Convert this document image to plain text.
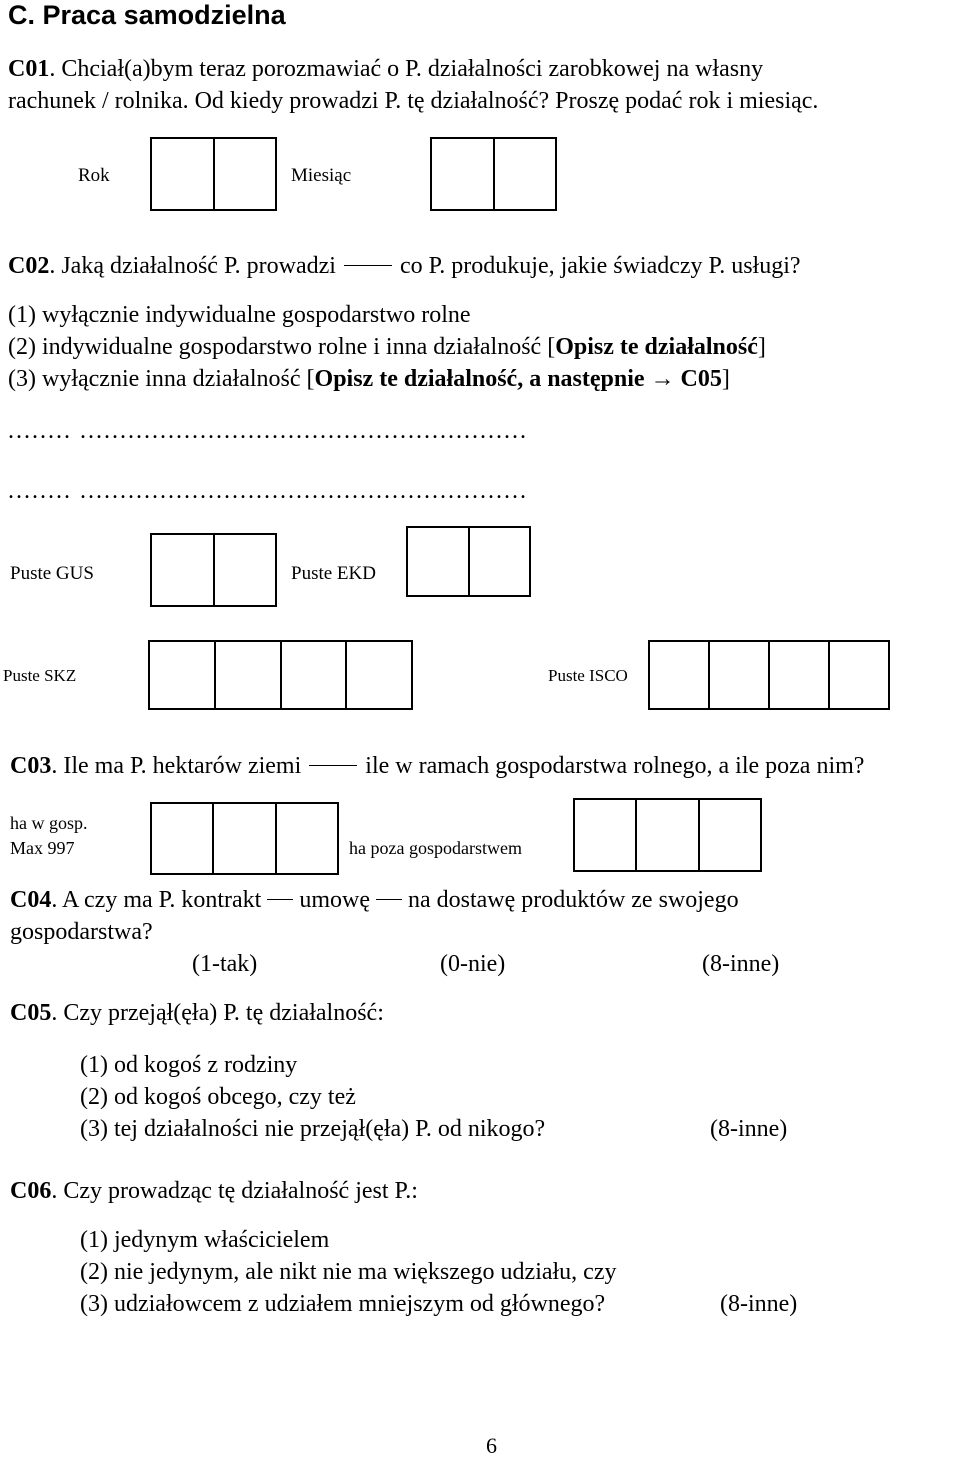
C. Praca samodzielna
C01. Chciał(a)bym teraz porozmawiać o P. działalności zarobkowej na własny
rachunek / rolnika. Od kiedy prowadzi P. tę działalność? Proszę podać rok i miesiąc.
Rok	Miesiąc
C02. Jaką działalność P. prowadzi	co P. produkuje, jakie świadczy P. usługi?
(1) wyłącznie indywidualne gospodarstwo rolne
(2) indywidualne gospodarstwo rolne i inna działalność [Opisz te działalność]
(3) wyłącznie inna działalność [Opisz te działalność, a następnie → C05]
........ ........................................................
........ ........................................................
Puste GUS	Puste EKD
Puste SKZ	Puste ISCO
C03. Ile ma P. hektarów ziemi	ile w ramach gospodarstwa rolnego, a ile poza nim?
ha w gosp.
Max 997	ha poza gospodarstwem
C04. A czy ma P. kontrakt umowę na dostawę produktów ze swojego
gospodarstwa?
(1-tak)	(0-nie)	(8-inne)
C05. Czy przejął(ęła) P. tę działalność:
(1) od kogoś z rodziny
(2) od kogoś obcego, czy też
(3) tej działalności nie przejął(ęła) P. od nikogo?	(8-inne)
C06. Czy prowadząc tę działalność jest P.:
(1) jedynym właścicielem
(2) nie jedynym, ale nikt nie ma większego udziału, czy
(3) udziałowcem z udziałem mniejszym od głównego?	(8-inne)
6
